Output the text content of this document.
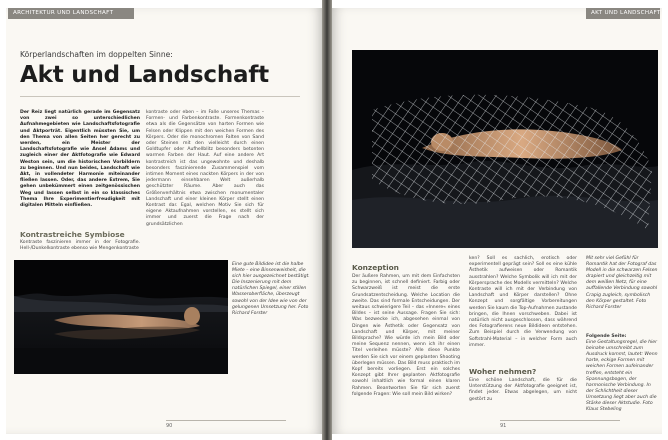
ARCHITEKTUR UND LANDSCHAFT	AKT UND LANDSCHAFT
Körperlandschaften im doppelten Sinne:
Akt und Landschaft

Der Reiz liegt natürlich gerade im Gegensatz von zwei so unterschiedlichen Aufnahmegebieten wie Landschaftsfotografie und Aktporträt. Eigentlich müssten Sie, um den Thema von allen Seiten her gerecht zu werden, ein Meister der Landschaftsfotografie wie Ansel Adams und zugleich einer der Aktfotografie wie Edward Weston sein, um die historischen Vorbildern zu beginnen. Und nun beides, Landschaft wie Akt, in vollendeter Harmonie miteinander fließen lassen. Oder, das andere Extrem, Sie gehen unbekümmert einen zeitgenössischen Weg und lassen selbst in ein so klassisches Thema Ihre Experimentierfreudigkeit mit digitalen Mitteln einfließen.

Kontrastreiche Symbiose

Kontraste faszinieren immer in der Fotografie. Hell-/Dunkelkontraste ebenso wie Mengenkontraste

kontraste oder eben – im Falle unseres Themas – Formen- und Farbenkontraste. Formenkontraste etwa als die Gegensätze von harten Formen wie Felsen oder Klippen mit den weichen Formen des Körpers. Oder die monochromen Falten von Sand oder Steinen mit den vielleicht durch einen Goldtupfer oder Aufhellblitz besonders betonten warmen Farben der Haut. Auf eine andere Art kontrastreich ist das ungewohnte und deshalb besonders faszinierende Zusammenspiel vom intimen Moment eines nackten Körpers in der von jedermann einsehbaren Welt außerhalb geschützter Räume. Aber auch das Größenverhältnis etwa zwischen monumentaler Landschaft und einer kleinen Körper stellt einen Kontrast dar. Egal, welchen Motiv Sie sich für eigene Aktaufnahmen vorstellen, es stellt sich immer und zuerst die Frage nach der grundsätzlichen

Eine gute Bildidee ist die halbe Miete – eine Binsenweisheit, die sich hier ausgezeichnet bestätigt. Die Inszenierung mit dem natürlichen Spiegel, einer stillen Wasseroberfläche, überzeugt sowohl von der Idee wie von der gelungenen Umsetzung her. Foto Richard Forster
90
Konzeption

Der äußere Rahmen, um mit dem Einfachsten zu beginnen, ist schnell definiert. Farbig oder Schwarzweiß ist meist die erste Grundsatzentscheidung. Welche Location die zweite. Das sind formale Entscheidungen. Der weitaus schwierigere Teil – das »Innere« eines Bildes – ist seine Aussage. Fragen Sie sich: Was bezwecke ich, abgesehen einmal von Dingen wie Ästhetik oder Gegensatz von Landschaft und Körper, mit meiner Bildsprache? Wie würde ich mein Bild oder meine Sequenz nennen, wenn ich ihr einen Titel verleihen müsste? Alle diese Punkte werden Sie sich vor einem geplanten Shooting überlegen müssen. Das Bild muss praktisch im Kopf bereits vorliegen. Erst ein solches Konzept gibt Ihrer geplanten Aktfotografie sowohl inhaltlich wie formal einen klaren Rahmen. Beantworten Sie für sich zuerst folgende Fragen: Wie soll mein Bild wirken?

ken? Soll es sachlich, erotisch oder experimentell geprägt sein? Soll es eine kühle Ästhetik aufweisen oder Romantik ausstrahlen? Welche Symbolik will ich mit der Körpersprache des Modells vermitteln? Welche Kontraste will ich mit der Verbindung von Landschaft und Körper darstellen? Ohne Konzept und sorgfältige Vorbereitungen werden Sie kaum die Top-Aufnahmen zustande bringen, die Ihnen vorschweben. Dabei ist natürlich nicht ausgeschlossen, dass während des Fotografierens neue Bildideen entstehen. Zum Beispiel durch die Verwendung von Softstrahl-Material – in welcher Form auch immer.

Woher nehmen?

Eine schöne Landschaft, die für die Unterstützung der Aktfotografie geeignet ist, findet jeder. Etwas abgelegen, um nicht gestört zu

Mit sehr viel Gefühl für Romantik hat der Fotograf das Modell in die schwarzen Felsen drapiert und gleichzeitig mit dem weißen Netz, für eine auffallende Verbindung sowohl Crapig zugleich, symbolisch den Körper gestaltet. Foto Richard Forster
Folgende Seite:
Eine Gestaltungsregel, die hier beinahe umschreibt zum Ausdruck kommt, lautet: Wenn harte, eckige Formen mit weichen Formen aufeinander treffen, entsteht ein Spannungsbogen, der harmonische Verbindung. In der Schlichtheit dieser Umsetzung liegt aber auch die Stärke dieser Aktstudie. Foto Klaus Stebeling
91
